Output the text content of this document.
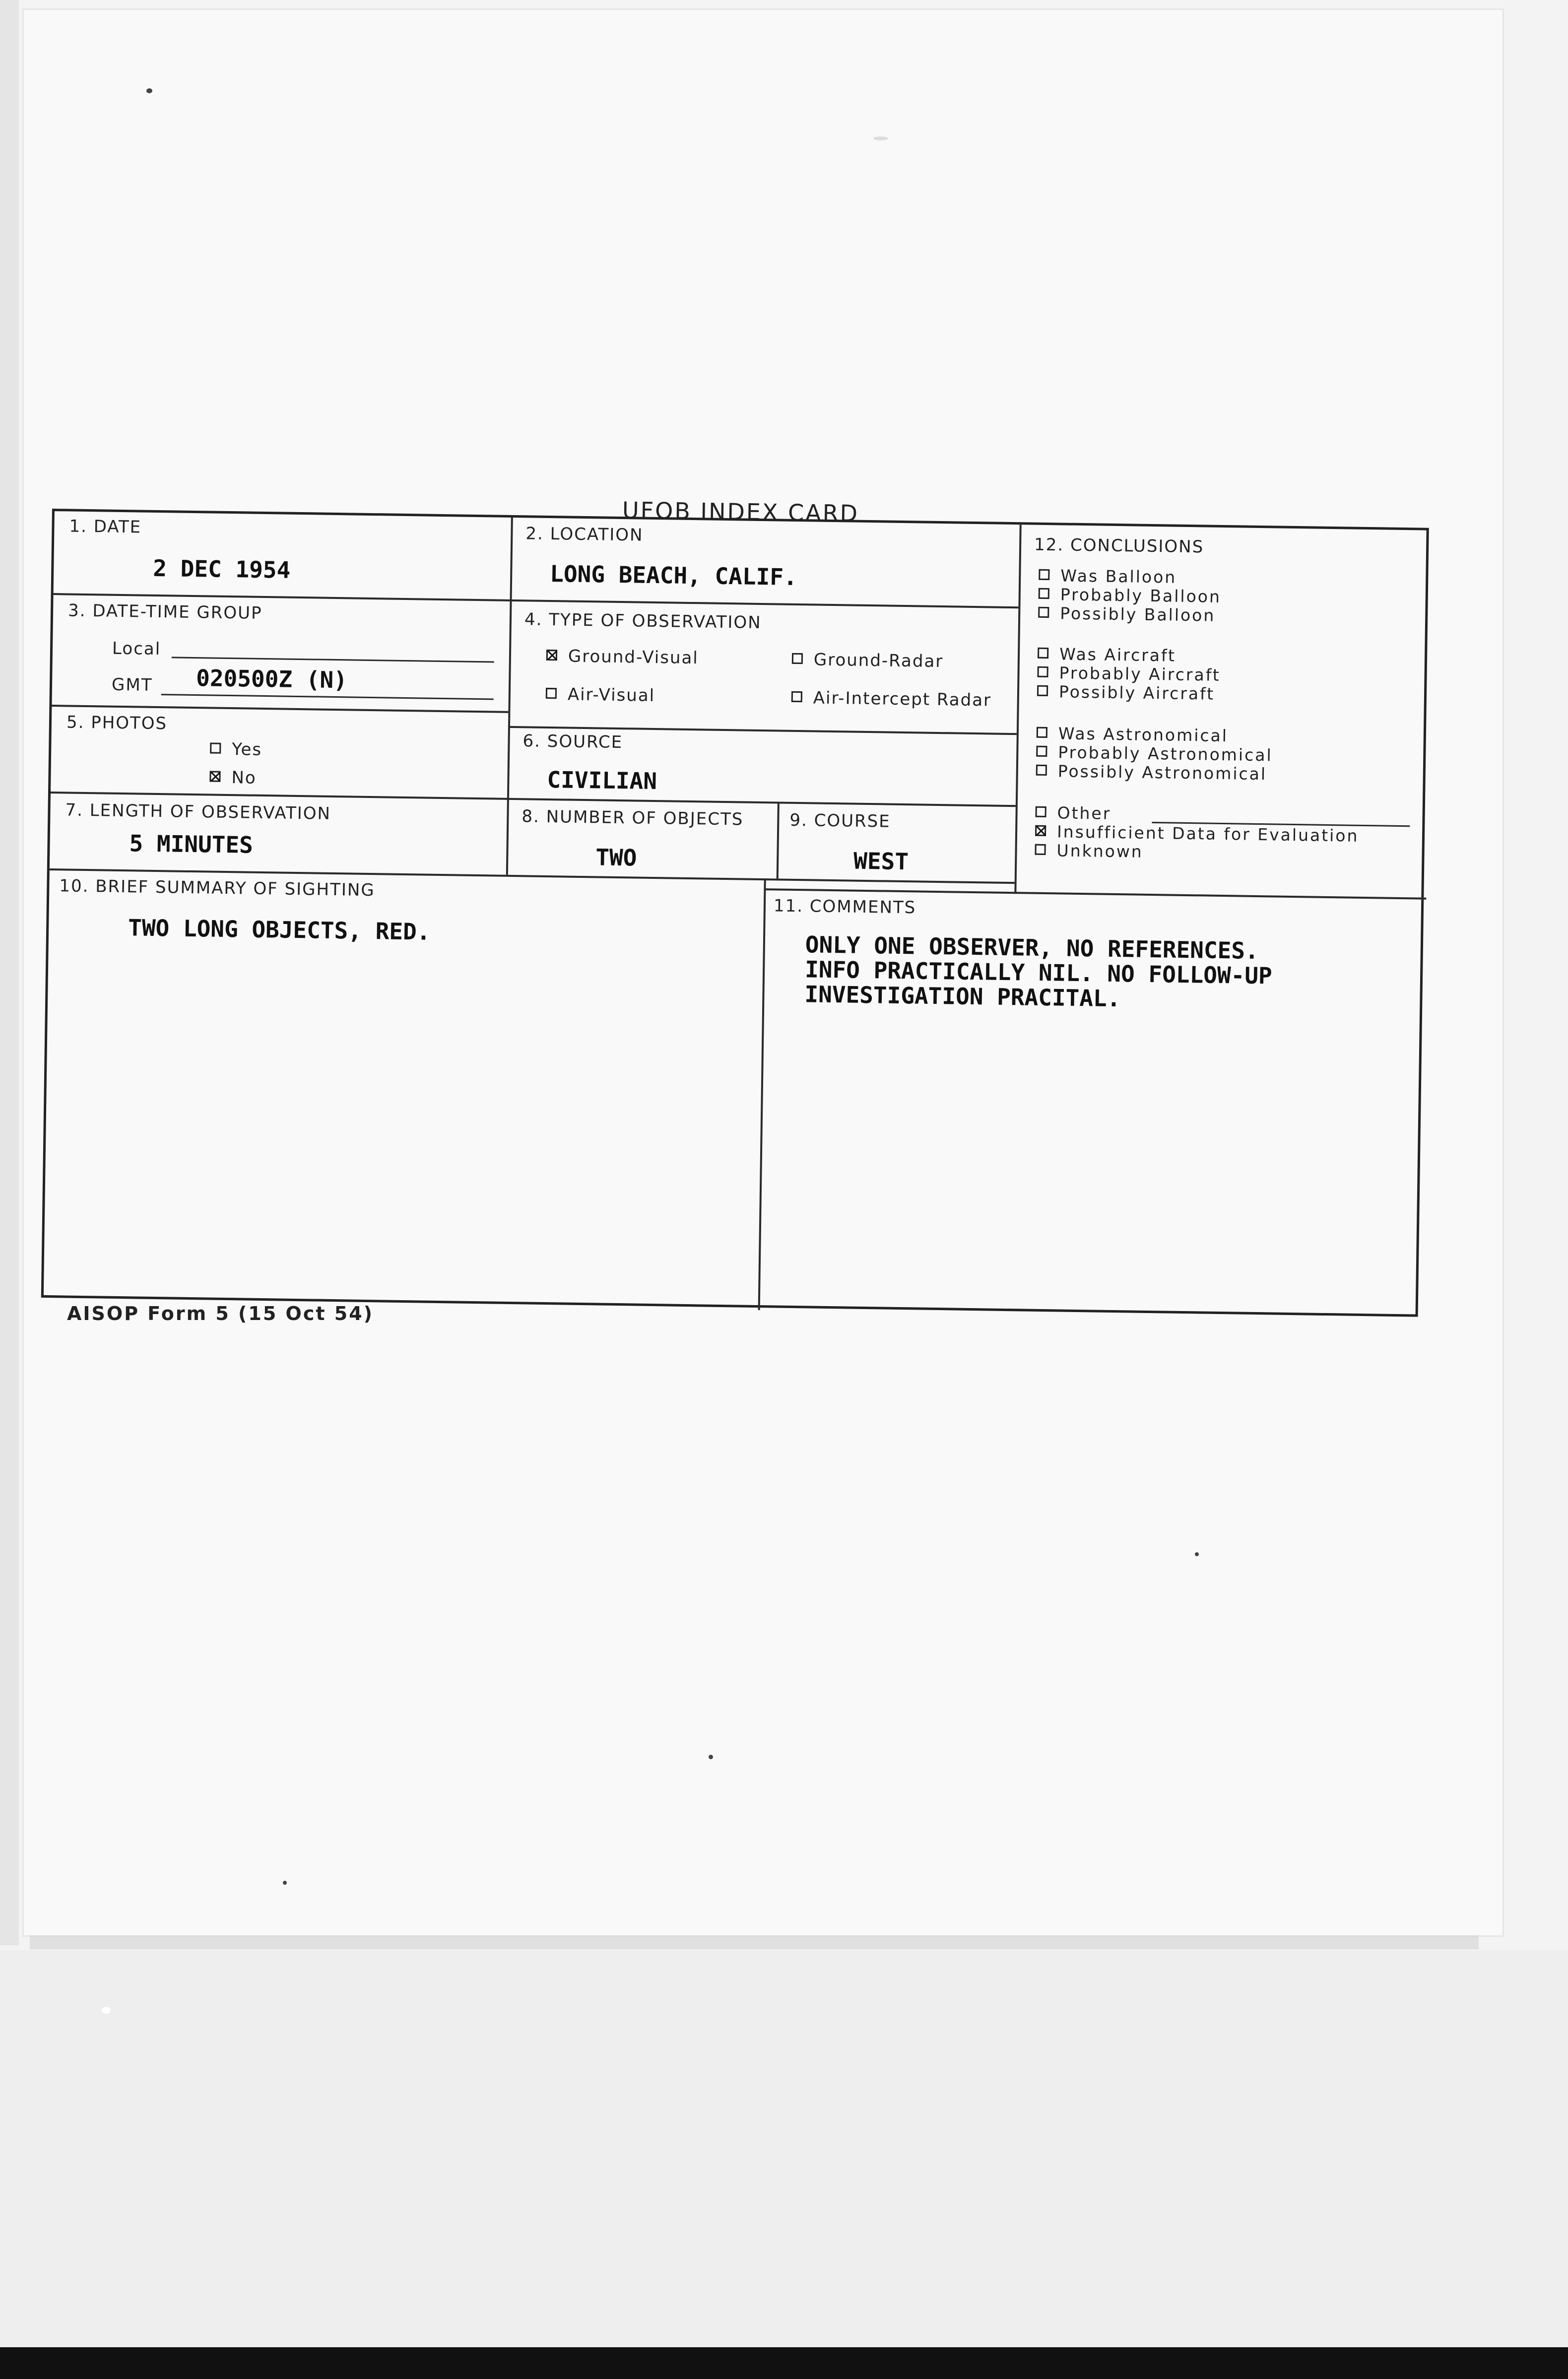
UFOB INDEX CARD
1. DATE
2 DEC 1954
2. LOCATION
LONG BEACH, CALIF.
3. DATE-TIME GROUP
Local
GMT 020500Z (N)
4. TYPE OF OBSERVATION
Ground-Visual	Ground-Radar
Air-Visual	Air-Intercept Radar
5. PHOTOS
Yes
No
6. SOURCE
CIVILIAN
7. LENGTH OF OBSERVATION
5 MINUTES
8. NUMBER OF OBJECTS
TWO
9. COURSE
WEST
10. BRIEF SUMMARY OF SIGHTING
TWO LONG OBJECTS, RED.
11. COMMENTS
ONLY ONE OBSERVER, NO REFERENCES.
INFO PRACTICALLY NIL. NO FOLLOW-UP
INVESTIGATION PRACITAL.
12. CONCLUSIONS
Was Balloon
Probably Balloon
Possibly Balloon
Was Aircraft
Probably Aircraft
Possibly Aircraft
Was Astronomical
Probably Astronomical
Possibly Astronomical
Other
Insufficient Data for Evaluation
Unknown
AISOP Form 5 (15 Oct 54)
